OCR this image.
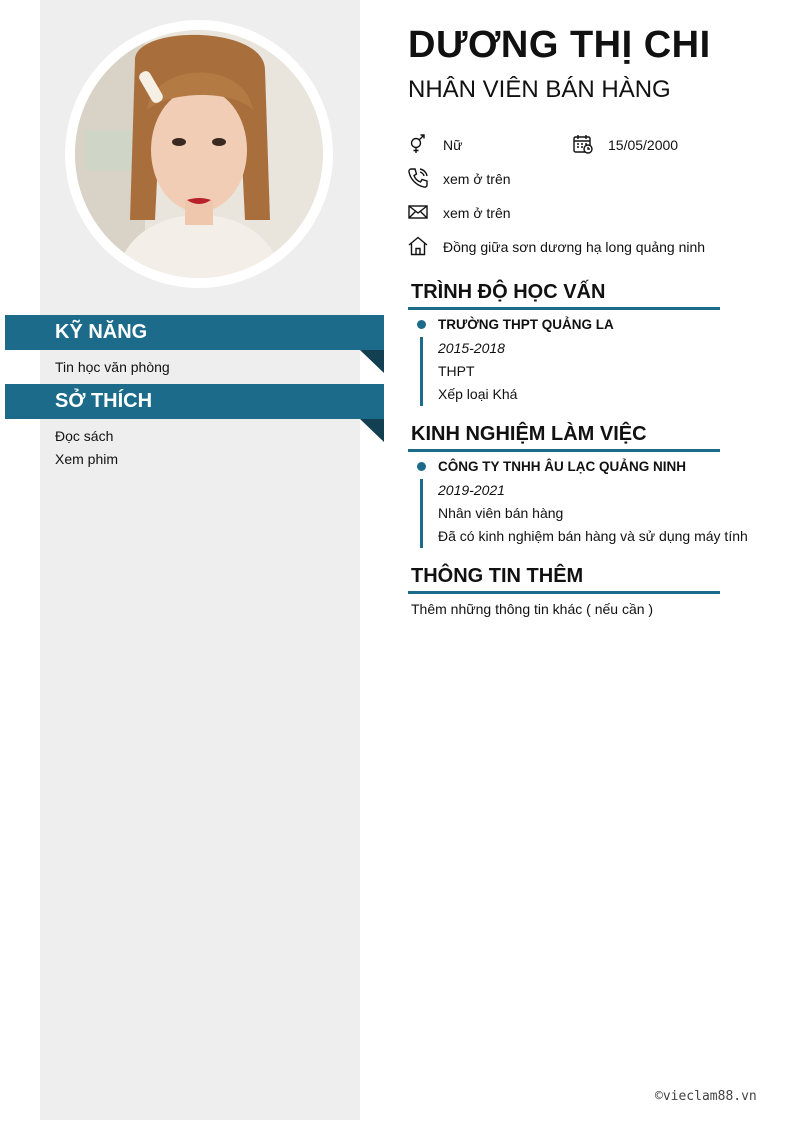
KỸ NĂNG
Tin học văn phòng
SỞ THÍCH
Đọc sách
Xem phim
DƯƠNG THỊ CHI
NHÂN VIÊN BÁN HÀNG
Nữ	15/05/2000
xem ở trên
xem ở trên
Đồng giữa sơn dương hạ long quảng ninh
TRÌNH ĐỘ HỌC VẤN
TRƯỜNG THPT QUẢNG LA
2015-2018
THPT
Xếp loại Khá
KINH NGHIỆM LÀM VIỆC
CÔNG TY TNHH ÂU LẠC QUẢNG NINH
2019-2021
Nhân viên bán hàng
Đã có kinh nghiệm bán hàng và sử dụng máy tính
THÔNG TIN THÊM
Thêm những thông tin khác ( nếu cần )
©vieclam88.vn
